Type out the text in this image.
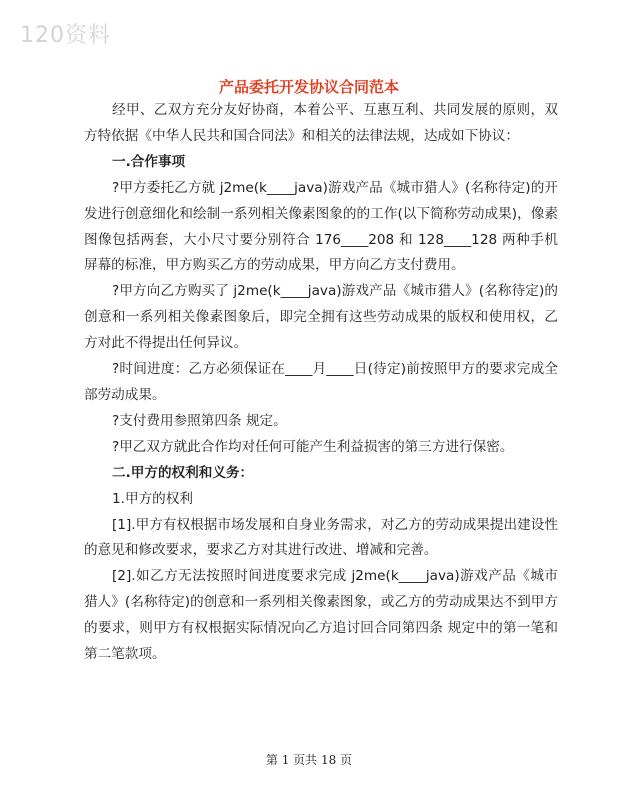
120资料
产品委托开发协议合同范本

经甲、乙双方充分友好协商，本着公平、互惠互利、共同发展的原则，双方特依据《中华人民共和国合同法》和相关的法律法规，达成如下协议：

一.合作事项

?甲方委托乙方就 j2me(k____java)游戏产品《城市猎人》(名称待定)的开发进行创意细化和绘制一系列相关像素图象的的工作(以下简称劳动成果)，像素图像包括两套，大小尺寸要分别符合 176____208 和 128____128 两种手机屏幕的标准，甲方购买乙方的劳动成果，甲方向乙方支付费用。

?甲方向乙方购买了 j2me(k____java)游戏产品《城市猎人》(名称待定)的创意和一系列相关像素图象后，即完全拥有这些劳动成果的版权和使用权，乙方对此不得提出任何异议。

?时间进度：乙方必须保证在____月____日(待定)前按照甲方的要求完成全部劳动成果。

?支付费用参照第四条 规定。

?甲乙双方就此合作均对任何可能产生利益损害的第三方进行保密。

二.甲方的权利和义务：

1.甲方的权利

[1].甲方有权根据市场发展和自身业务需求，对乙方的劳动成果提出建设性的意见和修改要求，要求乙方对其进行改进、增减和完善。

[2].如乙方无法按照时间进度要求完成 j2me(k____java)游戏产品《城市猎人》(名称待定)的创意和一系列相关像素图象，或乙方的劳动成果达不到甲方的要求，则甲方有权根据实际情况向乙方追讨回合同第四条 规定中的第一笔和第二笔款项。

第 1 页共 18 页
